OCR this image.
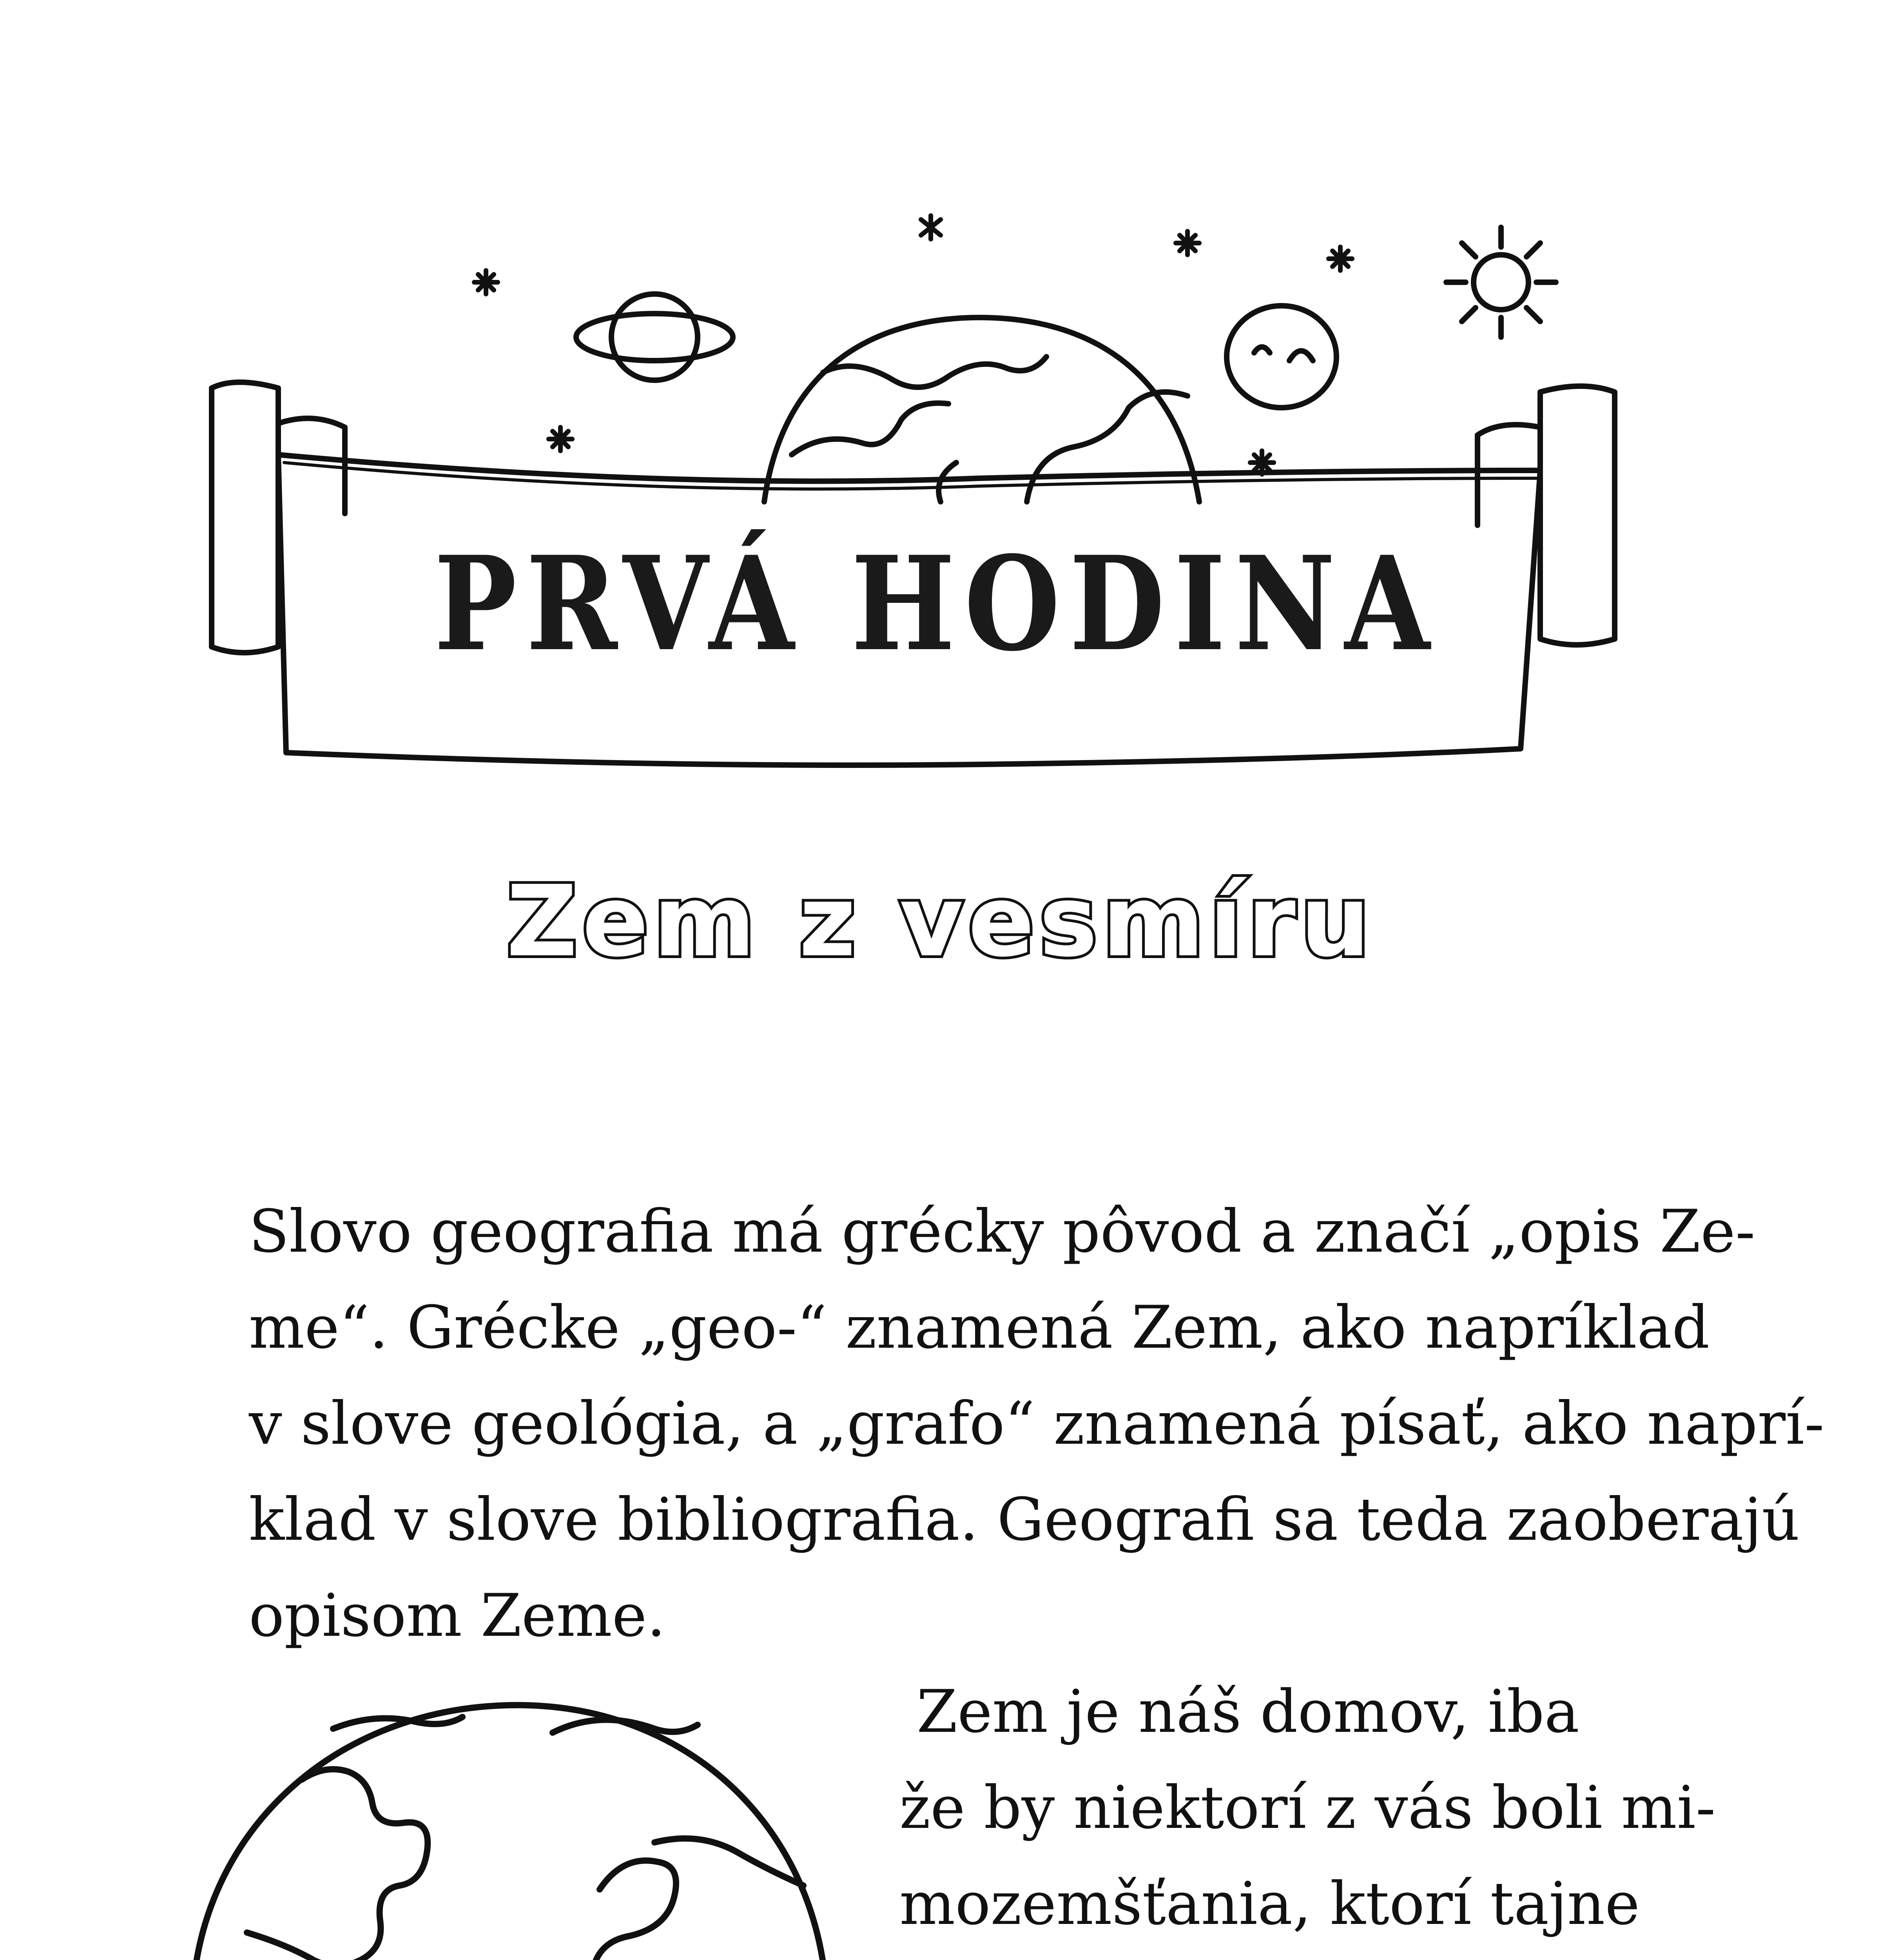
PRVÁ HODINA
Zem z vesmíru
Slovo geografia má grécky pôvod a značí „opis Ze-
me“. Grécke „geo-“ znamená Zem, ako napríklad
v slove geológia, a „grafo“ znamená písať, ako naprí-
klad v slove bibliografia. Geografi sa teda zaoberajú
opisom Zeme.
Zem je náš domov, iba
že by niektorí z vás boli mi-
mozemšťania, ktorí tajne
